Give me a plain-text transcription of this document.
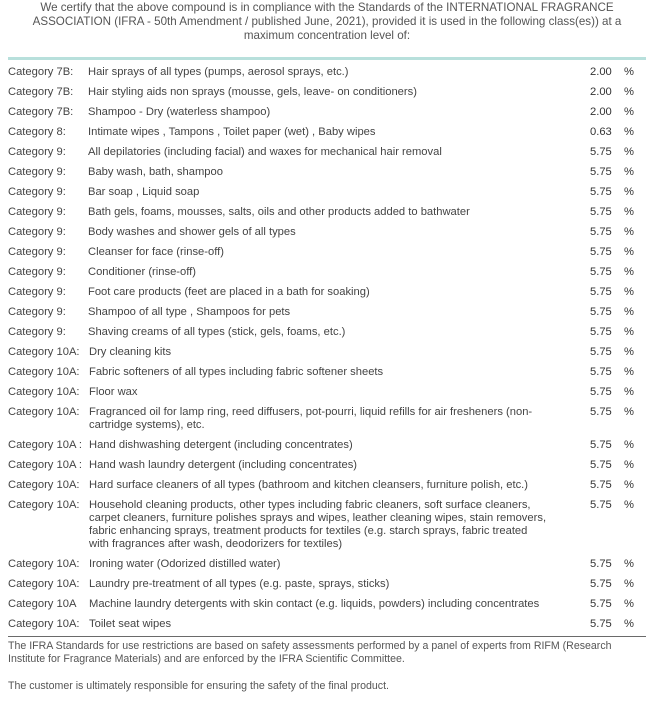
We certify that the above compound is in compliance with the Standards of the INTERNATIONAL FRAGRANCE ASSOCIATION (IFRA - 50th Amendment / published June, 2021), provided it is used in the following class(es)) at a maximum concentration level of:
Category 7B:	Hair sprays of all types (pumps, aerosol sprays, etc.)	2.00	%
Category 7B:	Hair styling aids non sprays (mousse, gels, leave- on conditioners)	2.00	%
Category 7B:	Shampoo - Dry (waterless shampoo)	2.00	%
Category 8:	Intimate wipes , Tampons , Toilet paper (wet) , Baby wipes	0.63	%
Category 9:	All depilatories (including facial) and waxes for mechanical hair removal	5.75	%
Category 9:	Baby wash, bath, shampoo	5.75	%
Category 9:	Bar soap , Liquid soap	5.75	%
Category 9:	Bath gels, foams, mousses, salts, oils and other products added to bathwater	5.75	%
Category 9:	Body washes and shower gels of all types	5.75	%
Category 9:	Cleanser for face (rinse-off)	5.75	%
Category 9:	Conditioner (rinse-off)	5.75	%
Category 9:	Foot care products (feet are placed in a bath for soaking)	5.75	%
Category 9:	Shampoo of all type , Shampoos for pets	5.75	%
Category 9:	Shaving creams of all types (stick, gels, foams, etc.)	5.75	%
Category 10A: Dry cleaning kits	5.75	%
Category 10A: Fabric softeners of all types including fabric softener sheets	5.75	%
Category 10A: Floor wax	5.75	%
Category 10A: Fragranced oil for lamp ring, reed diffusers, pot-pourri, liquid refills for air fresheners (non-cartridge systems), etc.
5.75	%
Category 10A : Hand dishwashing detergent (including concentrates)	5.75	%
Category 10A : Hand wash laundry detergent (including concentrates)	5.75	%
Category 10A: Hard surface cleaners of all types (bathroom and kitchen cleansers, furniture polish, etc.)	5.75	%
Category 10A: Household cleaning products, other types including fabric cleaners, soft surface cleaners, carpet cleaners, furniture polishes sprays and wipes, leather cleaning wipes, stain removers, fabric enhancing sprays, treatment products for textiles (e.g. starch sprays, fabric treated with fragrances after wash, deodorizers for textiles)
5.75	%
Category 10A: Ironing water (Odorized distilled water)	5.75	%
Category 10A: Laundry pre-treatment of all types (e.g. paste, sprays, sticks)	5.75	%
Category 10A	Machine laundry detergents with skin contact (e.g. liquids, powders) including concentrates	5.75	%
Category 10A: Toilet seat wipes	5.75	%
The IFRA Standards for use restrictions are based on safety assessments performed by a panel of experts from RIFM (Research Institute for Fragrance Materials) and are enforced by the IFRA Scientific Committee.
The customer is ultimately responsible for ensuring the safety of the final product.
